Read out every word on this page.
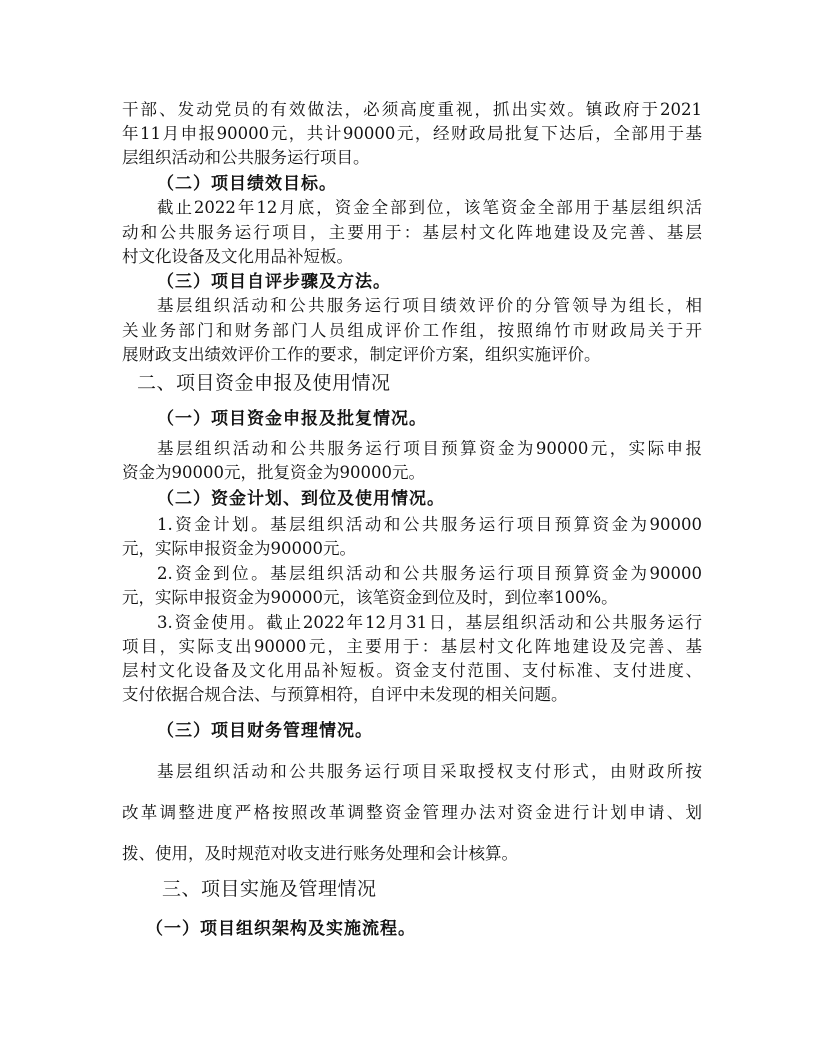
干部、发动党员的有效做法，必须高度重视，抓出实效。镇政府于2021
年11月申报90000元，共计90000元，经财政局批复下达后，全部用于基
层组织活动和公共服务运行项目。
（二）项目绩效目标。
截止2022年12月底，资金全部到位，该笔资金全部用于基层组织活
动和公共服务运行项目，主要用于：基层村文化阵地建设及完善、基层
村文化设备及文化用品补短板。
（三）项目自评步骤及方法。
基层组织活动和公共服务运行项目绩效评价的分管领导为组长，相
关业务部门和财务部门人员组成评价工作组，按照绵竹市财政局关于开
展财政支出绩效评价工作的要求，制定评价方案，组织实施评价。
二、项目资金申报及使用情况
（一）项目资金申报及批复情况。
基层组织活动和公共服务运行项目预算资金为90000元，实际申报
资金为90000元，批复资金为90000元。
（二）资金计划、到位及使用情况。
1.资金计划。基层组织活动和公共服务运行项目预算资金为90000
元，实际申报资金为90000元。
2.资金到位。基层组织活动和公共服务运行项目预算资金为90000
元，实际申报资金为90000元，该笔资金到位及时，到位率100%。
3.资金使用。截止2022年12月31日，基层组织活动和公共服务运行
项目，实际支出90000元，主要用于：基层村文化阵地建设及完善、基
层村文化设备及文化用品补短板。资金支付范围、支付标准、支付进度、
支付依据合规合法、与预算相符，自评中未发现的相关问题。
（三）项目财务管理情况。
基层组织活动和公共服务运行项目采取授权支付形式，由财政所按
改革调整进度严格按照改革调整资金管理办法对资金进行计划申请、划
拨、使用，及时规范对收支进行账务处理和会计核算。
三、项目实施及管理情况
（一）项目组织架构及实施流程。
